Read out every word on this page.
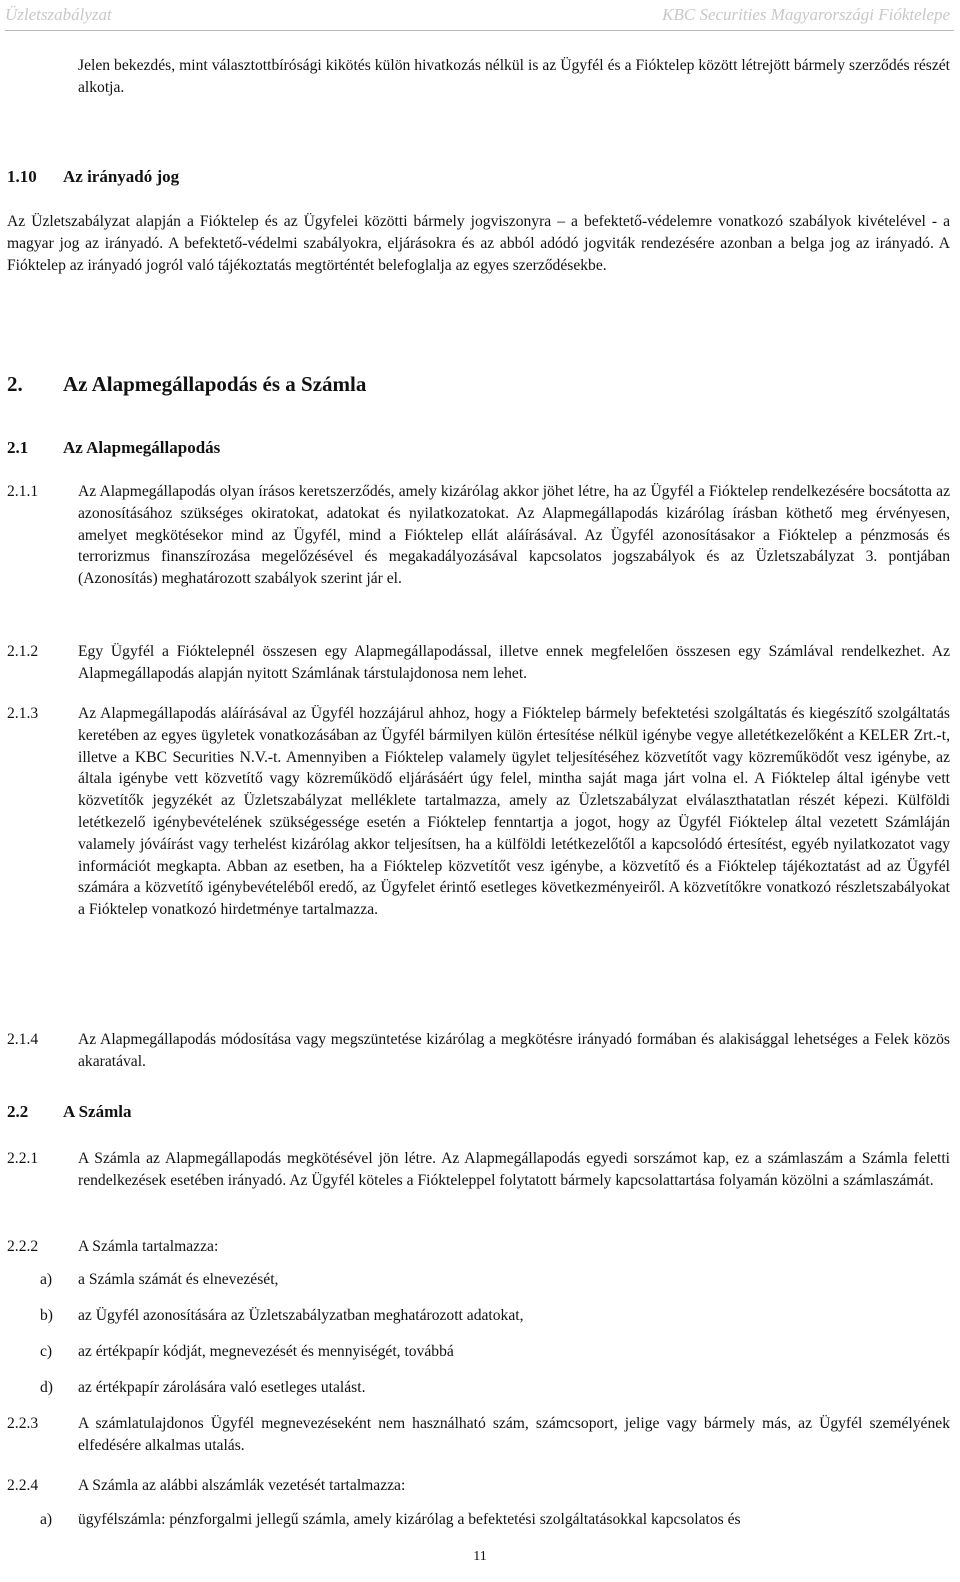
Üzletszabályzat	KBC Securities Magyarországi Fióktelepe

Jelen bekezdés, mint választottbírósági kikötés külön hivatkozás nélkül is az Ügyfél és a Fióktelep között létrejött bármely szerződés részét alkotja.

1.10 Az irányadó jog

Az Üzletszabályzat alapján a Fióktelep és az Ügyfelei közötti bármely jogviszonyra – a befektető-védelemre vonatkozó szabályok kivételével - a magyar jog az irányadó. A befektető-védelmi szabályokra, eljárásokra és az abból adódó jogviták rendezésére azonban a belga jog az irányadó. A Fióktelep az irányadó jogról való tájékoztatás megtörténtét belefoglalja az egyes szerződésekbe.

2. Az Alapmegállapodás és a Számla
2.1 Az Alapmegállapodás
2.1.1	Az Alapmegállapodás olyan írásos keretszerződés, amely kizárólag akkor jöhet létre, ha az Ügyfél a Fióktelep rendelkezésére bocsátotta az azonosításához szükséges okiratokat, adatokat és nyilatkozatokat. Az Alapmegállapodás kizárólag írásban köthető meg érvényesen, amelyet megkötésekor mind az Ügyfél, mind a Fióktelep ellát aláírásával. Az Ügyfél azonosításakor a Fióktelep a pénzmosás és terrorizmus finanszírozása megelőzésével és megakadályozásával kapcsolatos jogszabályok és az Üzletszabályzat 3. pontjában (Azonosítás) meghatározott szabályok szerint jár el.

2.1.2	Egy Ügyfél a Fióktelepnél összesen egy Alapmegállapodással, illetve ennek megfelelően összesen egy Számlával rendelkezhet. Az Alapmegállapodás alapján nyitott Számlának társtulajdonosa nem lehet.

2.1.3	Az Alapmegállapodás aláírásával az Ügyfél hozzájárul ahhoz, hogy a Fióktelep bármely befektetési szolgáltatás és kiegészítő szolgáltatás keretében az egyes ügyletek vonatkozásában az Ügyfél bármilyen külön értesítése nélkül igénybe vegye alletétkezelőként a KELER Zrt.-t, illetve a KBC Securities N.V.-t. Amennyiben a Fióktelep valamely ügylet teljesítéséhez közvetítőt vagy közreműködőt vesz igénybe, az általa igénybe vett közvetítő vagy közreműködő eljárásáért úgy felel, mintha saját maga járt volna el. A Fióktelep által igénybe vett közvetítők jegyzékét az Üzletszabályzat melléklete tartalmazza, amely az Üzletszabályzat elválaszthatatlan részét képezi. Külföldi letétkezelő igénybevételének szükségessége esetén a Fióktelep fenntartja a jogot, hogy az Ügyfél Fióktelep által vezetett Számláján valamely jóváírást vagy terhelést kizárólag akkor teljesítsen, ha a külföldi letétkezelőtől a kapcsolódó értesítést, egyéb nyilatkozatot vagy információt megkapta. Abban az esetben, ha a Fióktelep közvetítőt vesz igénybe, a közvetítő és a Fióktelep tájékoztatást ad az Ügyfél számára a közvetítő igénybevételéből eredő, az Ügyfelet érintő esetleges következményeiről. A közvetítőkre vonatkozó részletszabályokat a Fióktelep vonatkozó hirdetménye tartalmazza.

2.1.4	Az Alapmegállapodás módosítása vagy megszüntetése kizárólag a megkötésre irányadó formában és alakisággal lehetséges a Felek közös akaratával.

2.2 A Számla
2.2.1	A Számla az Alapmegállapodás megkötésével jön létre. Az Alapmegállapodás egyedi sorszámot kap, ez a számlaszám a Számla feletti rendelkezések esetében irányadó. Az Ügyfél köteles a Fiókteleppel folytatott bármely kapcsolattartása folyamán közölni a számlaszámát.

2.2.2	A Számla tartalmazza:

a) a Számla számát és elnevezését,
b) az Ügyfél azonosítására az Üzletszabályzatban meghatározott adatokat,
c) az értékpapír kódját, megnevezését és mennyiségét, továbbá
d) az értékpapír zárolására való esetleges utalást.
2.2.3	A számlatulajdonos Ügyfél megnevezéseként nem használható szám, számcsoport, jelige vagy bármely más, az Ügyfél személyének elfedésére alkalmas utalás.

2.2.4	A Számla az alábbi alszámlák vezetését tartalmazza:

a) ügyfélszámla: pénzforgalmi jellegű számla, amely kizárólag a befektetési szolgáltatásokkal kapcsolatos és
11
